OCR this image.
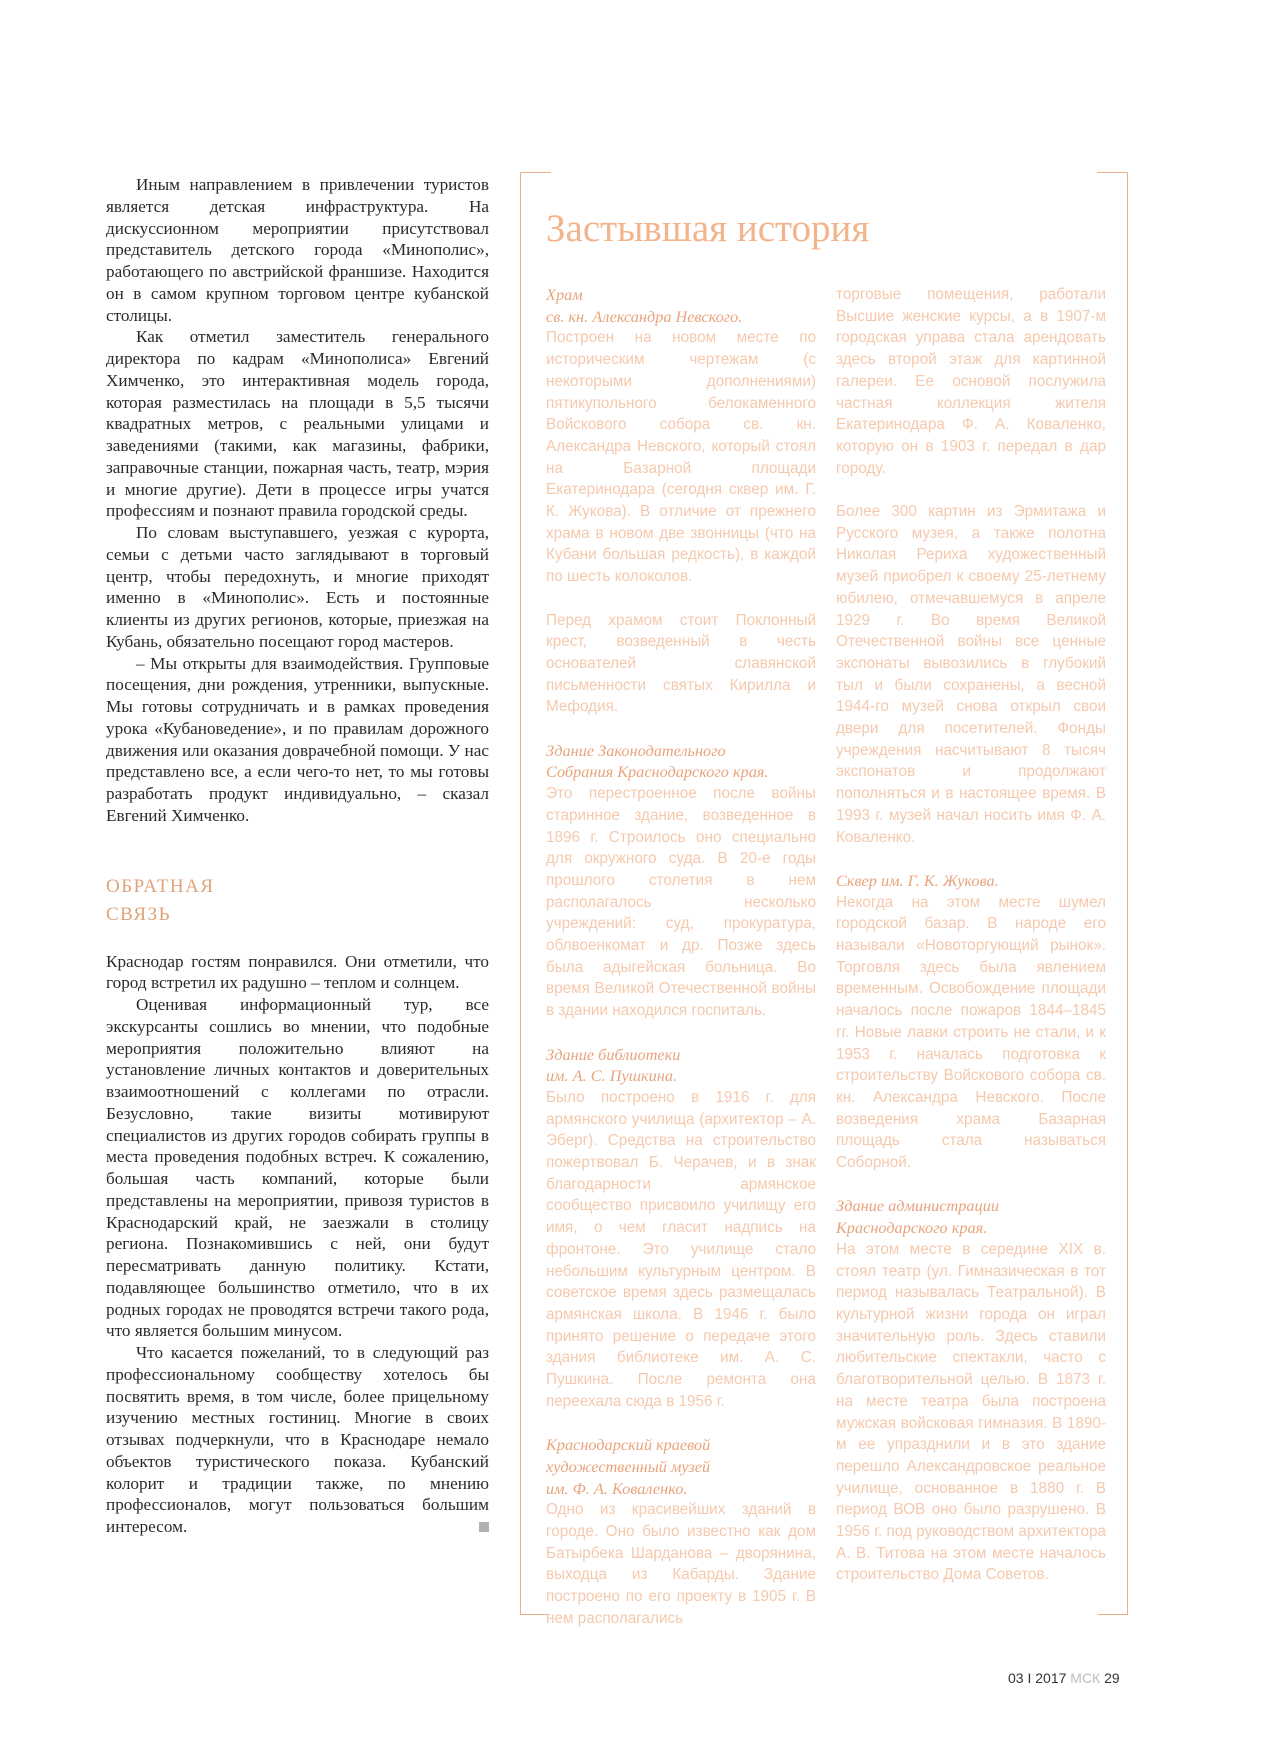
Иным направлением в привлечении туристов является детская инфраструктура. На дискуссионном мероприятии присутствовал представитель детского города «Минополис», работающего по австрийской франшизе. Находится он в самом крупном торговом центре кубанской столицы.

Как отметил заместитель генерального директора по кадрам «Минополиса» Евгений Химченко, это интерактивная модель города, которая разместилась на площади в 5,5 тысячи квадратных метров, с реальными улицами и заведениями (такими, как магазины, фабрики, заправочные станции, пожарная часть, театр, мэрия и многие другие). Дети в процессе игры учатся профессиям и познают правила городской среды.

По словам выступавшего, уезжая с курорта, семьи с детьми часто заглядывают в торговый центр, чтобы передохнуть, и многие приходят именно в «Минополис». Есть и постоянные клиенты из других регионов, которые, приезжая на Кубань, обязательно посещают город мастеров.

– Мы открыты для взаимодействия. Групповые посещения, дни рождения, утренники, выпускные. Мы готовы сотрудничать и в рамках проведения урока «Кубановедение», и по правилам дорожного движения или оказания доврачебной помощи. У нас представлено все, а если чего-то нет, то мы готовы разработать продукт индивидуально, – сказал Евгений Химченко.

ОБРАТНАЯ
СВЯЗЬ

Краснодар гостям понравился. Они отметили, что город встретил их радушно – теплом и солнцем.

Оценивая информационный тур, все экскурсанты сошлись во мнении, что подобные мероприятия положительно влияют на установление личных контактов и доверительных взаимоотношений с коллегами по отрасли. Безусловно, такие визиты мотивируют специалистов из других городов собирать группы в места проведения подобных встреч. К сожалению, большая часть компаний, которые были представлены на мероприятии, привозя туристов в Краснодарский край, не заезжали в столицу региона. Познакомившись с ней, они будут пересматривать данную политику. Кстати, подавляющее большинство отметило, что в их родных городах не проводятся встречи такого рода, что является большим минусом.

Что касается пожеланий, то в следующий раз профессиональному сообществу хотелось бы посвятить время, в том числе, более прицельному изучению местных гостиниц. Многие в своих отзывах подчеркнули, что в Краснодаре немало объектов туристического показа. Кубанский колорит и традиции также, по мнению профессионалов, могут пользоваться большим интересом.

Застывшая история
Храм
св. кн. Александра Невского.

Построен на новом месте по историческим чертежам (с некоторыми дополнениями) пятикупольного белокаменного Войскового собора св. кн. Александра Невского, который стоял на Базарной площади Екатеринодара (сегодня сквер им. Г. К. Жукова). В отличие от прежнего храма в новом две звонницы (что на Кубани большая редкость), в каждой по шесть колоколов.

Перед храмом стоит Поклонный крест, возведенный в честь основателей славянской письменности святых Кирилла и Мефодия.

Здание Законодательного
Собрания Краснодарского края.

Это перестроенное после войны старинное здание, возведенное в 1896 г. Строилось оно специально для окружного суда. В 20-е годы прошлого столетия в нем располагалось несколько учреждений: суд, прокуратура, облвоенкомат и др. Позже здесь была адыгейская больница. Во время Великой Отечественной войны в здании находился госпиталь.

Здание библиотеки
им. А. С. Пушкина.

Было построено в 1916 г. для армянского училища (архитектор – А. Эберг). Средства на строительство пожертвовал Б. Черачев, и в знак благодарности армянское сообщество присвоило училищу его имя, о чем гласит надпись на фронтоне. Это училище стало небольшим культурным центром. В советское время здесь размещалась армянская школа. В 1946 г. было принято решение о передаче этого здания библиотеке им. А. С. Пушкина. После ремонта она переехала сюда в 1956 г.

Краснодарский краевой
художественный музей
им. Ф. А. Коваленко.

Одно из красивейших зданий в городе. Оно было известно как дом Батырбека Шарданова – дворянина, выходца из Кабарды. Здание построено по его проекту в 1905 г. В нем располагались

торговые помещения, работали Высшие женские курсы, а в 1907-м городская управа стала арендовать здесь второй этаж для картинной галереи. Ее основой послужила частная коллекция жителя Екатеринодара Ф. А. Коваленко, которую он в 1903 г. передал в дар городу.

Более 300 картин из Эрмитажа и Русского музея, а также полотна Николая Рериха художественный музей приобрел к своему 25-летнему юбилею, отмечавшемуся в апреле 1929 г. Во время Великой Отечественной войны все ценные экспонаты вывозились в глубокий тыл и были сохранены, а весной 1944-го музей снова открыл свои двери для посетителей. Фонды учреждения насчитывают 8 тысяч экспонатов и продолжают пополняться и в настоящее время. В 1993 г. музей начал носить имя Ф. А. Коваленко.

Сквер им. Г. К. Жукова.

Некогда на этом месте шумел городской базар. В народе его называли «Новоторгующий рынок». Торговля здесь была явлением временным. Освобождение площади началось после пожаров 1844–1845 гг. Новые лавки строить не стали, и к 1953 г. началась подготовка к строительству Войскового собора св. кн. Александра Невского. После возведения храма Базарная площадь стала называться Соборной.

Здание администрации
Краснодарского края.

На этом месте в середине XIX в. стоял театр (ул. Гимназическая в тот период называлась Театральной). В культурной жизни города он играл значительную роль. Здесь ставили любительские спектакли, часто с благотворительной целью. В 1873 г. на месте театра была построена мужская войсковая гимназия. В 1890-м ее упразднили и в это здание перешло Александровское реальное училище, основанное в 1880 г. В период ВОВ оно было разрушено. В 1956 г. под руководством архитектора А. В. Титова на этом месте началось строительство Дома Советов.

03 I 2017 МСК 29
